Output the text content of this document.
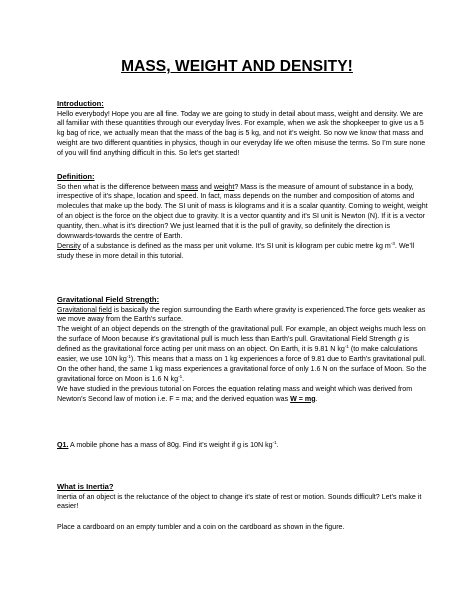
MASS, WEIGHT AND DENSITY!
Introduction:

Hello everybody! Hope you are all fine. Today we are going to study in detail about mass, weight and density. We are all familiar with these quantities through our everyday lives. For example, when we ask the shopkeeper to give us a 5 kg bag of rice, we actually mean that the mass of the bag is 5 kg, and not it’s weight. So now we know that mass and weight are two different quantities in physics, though in our everyday life we often misuse the terms. So I’m sure none of you will find anything difficult in this. So let’s get started!

Definition:

So then what is the difference between mass and weight? Mass is the measure of amount of substance in a body, irrespective of it’s shape, location and speed. In fact, mass depends on the number and composition of atoms and molecules that make up the body. The SI unit of mass is kilograms and it is a scalar quantity. Coming to weight, weight of an object is the force on the object due to gravity. It is a vector quantity and it’s SI unit is Newton (N). If it is a vector quantity, then..what is it’s direction? We just learned that it is the pull of gravity, so definitely the direction is downwards-towards the centre of Earth.

Density of a substance is defined as the mass per unit volume. It’s SI unit is kilogram per cubic metre kg $m^{-3}$. We’ll study these in more detail in this tutorial.

Gravitational Field Strength:

Gravitational field is basically the region surrounding the Earth where gravity is experienced.The force gets weaker as we move away from the Earth’s surface.

The weight of an object depends on the strength of the gravitational pull. For example, an object weighs much less on the surface of Moon because it’s gravitational pull is much less than Earth’s pull. Gravitational Field Strength g is defined as the gravitational force acting per unit mass on an object. On Earth, it is 9.81 N $kg^{-1}$ (to make calculations easier, we use 10N $kg^{-1}$). This means that a mass on 1 kg experiences a force of 9.81 due to Earth’s gravitational pull. On the other hand, the same 1 kg mass experiences a gravitational force of only 1.6 N on the surface of Moon. So the gravitational force on Moon is 1.6 N $kg^{-1}$.

We have studied in the previous tutorial on Forces the equation relating mass and weight which was derived from Newton’s Second law of motion i.e. F = ma; and the derived equation was W = mg.

Q1. A mobile phone has a mass of 80g. Find it’s weight if g is 10N $kg^{-1}$.

What is Inertia?

Inertia of an object is the reluctance of the object to change it’s state of rest or motion. Sounds difficult? Let’s make it easier!

Place a cardboard on an empty tumbler and a coin on the cardboard as shown in the figure.
